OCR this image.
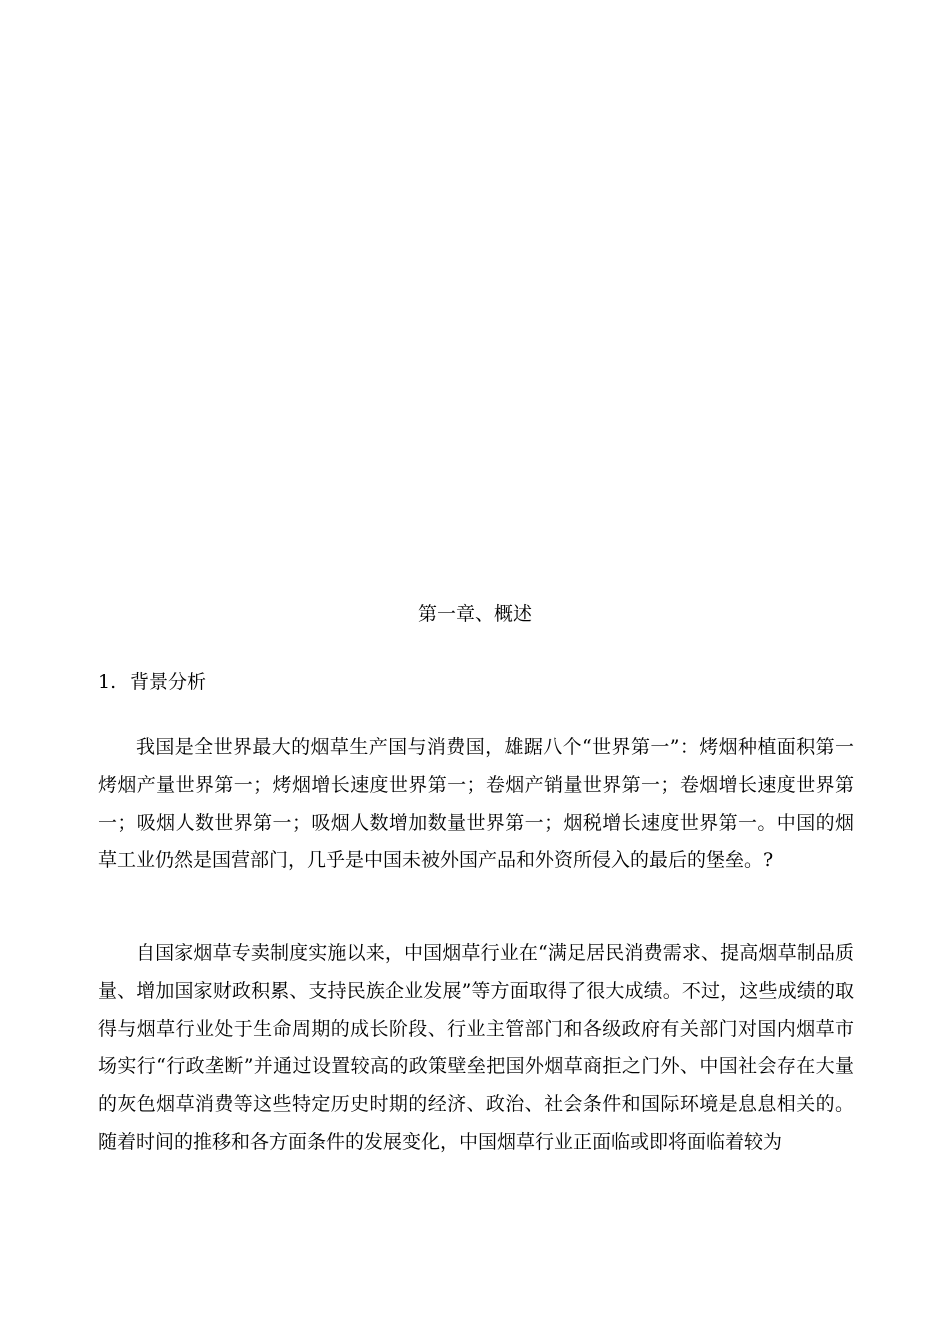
第一章、概述
1. 背景分析

我国是全世界最大的烟草生产国与消费国，雄踞八个“世界第一”：烤烟种植面积第一烤烟产量世界第一；烤烟增长速度世界第一；卷烟产销量世界第一；卷烟增长速度世界第一；吸烟人数世界第一；吸烟人数增加数量世界第一；烟税增长速度世界第一。中国的烟草工业仍然是国营部门，几乎是中国未被外国产品和外资所侵入的最后的堡垒。?

自国家烟草专卖制度实施以来，中国烟草行业在“满足居民消费需求、提高烟草制品质量、增加国家财政积累、支持民族企业发展”等方面取得了很大成绩。不过，这些成绩的取得与烟草行业处于生命周期的成长阶段、行业主管部门和各级政府有关部门对国内烟草市场实行“行政垄断”并通过设置较高的政策壁垒把国外烟草商拒之门外、中国社会存在大量的灰色烟草消费等这些特定历史时期的经济、政治、社会条件和国际环境是息息相关的。随着时间的推移和各方面条件的发展变化，中国烟草行业正面临或即将面临着较为
